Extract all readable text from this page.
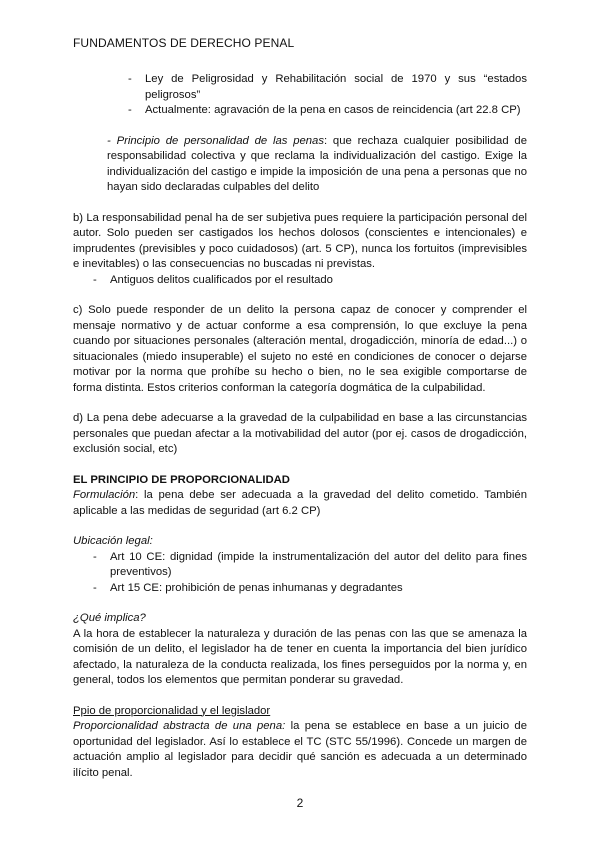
FUNDAMENTOS DE DERECHO PENAL
- Ley de Peligrosidad y Rehabilitación social de 1970 y sus “estados peligrosos”
- Actualmente: agravación de la pena en casos de reincidencia (art 22.8 CP)

- Principio de personalidad de las penas: que rechaza cualquier posibilidad de responsabilidad colectiva y que reclama la individualización del castigo. Exige la individualización del castigo e impide la imposición de una pena a personas que no hayan sido declaradas culpables del delito

b) La responsabilidad penal ha de ser subjetiva pues requiere la participación personal del autor. Solo pueden ser castigados los hechos dolosos (conscientes e intencionales) e imprudentes (previsibles y poco cuidadosos) (art. 5 CP), nunca los fortuitos (imprevisibles e inevitables) o las consecuencias no buscadas ni previstas.

- Antiguos delitos cualificados por el resultado

c) Solo puede responder de un delito la persona capaz de conocer y comprender el mensaje normativo y de actuar conforme a esa comprensión, lo que excluye la pena cuando por situaciones personales (alteración mental, drogadicción, minoría de edad...) o situacionales (miedo insuperable) el sujeto no esté en condiciones de conocer o dejarse motivar por la norma que prohíbe su hecho o bien, no le sea exigible comportarse de forma distinta. Estos criterios conforman la categoría dogmática de la culpabilidad.

d) La pena debe adecuarse a la gravedad de la culpabilidad en base a las circunstancias personales que puedan afectar a la motivabilidad del autor (por ej. casos de drogadicción, exclusión social, etc)

EL PRINCIPIO DE PROPORCIONALIDAD

Formulación: la pena debe ser adecuada a la gravedad del delito cometido. También aplicable a las medidas de seguridad (art 6.2 CP)

Ubicación legal:

- Art 10 CE: dignidad (impide la instrumentalización del autor del delito para fines preventivos)
- Art 15 CE: prohibición de penas inhumanas y degradantes

¿Qué implica?

A la hora de establecer la naturaleza y duración de las penas con las que se amenaza la comisión de un delito, el legislador ha de tener en cuenta la importancia del bien jurídico afectado, la naturaleza de la conducta realizada, los fines perseguidos por la norma y, en general, todos los elementos que permitan ponderar su gravedad.

Ppio de proporcionalidad y el legislador

Proporcionalidad abstracta de una pena: la pena se establece en base a un juicio de oportunidad del legislador. Así lo establece el TC (STC 55/1996). Concede un margen de actuación amplio al legislador para decidir qué sanción es adecuada a un determinado ilícito penal.

2
